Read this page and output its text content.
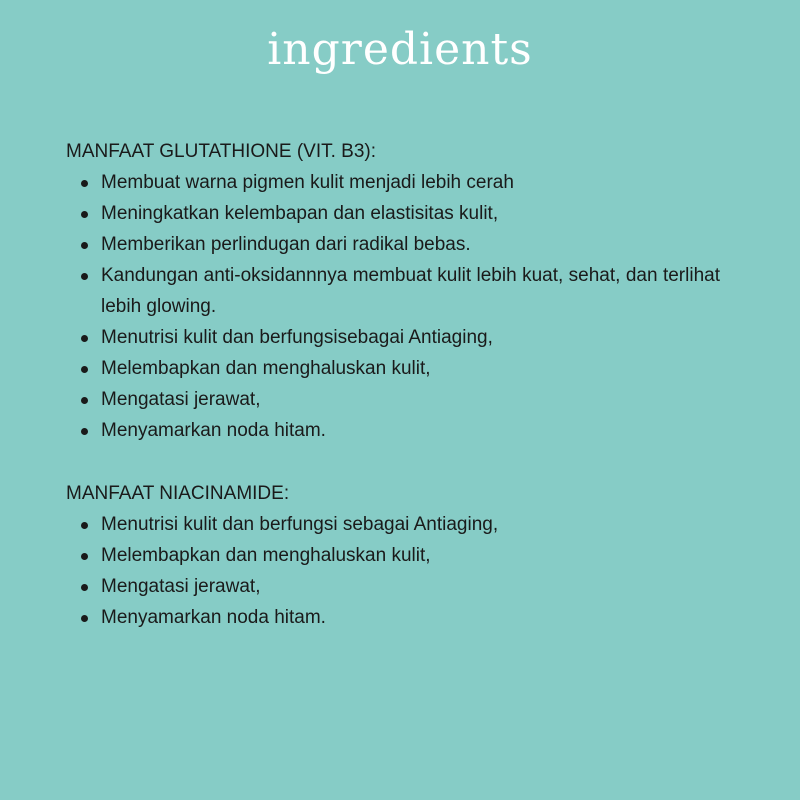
ingredients

MANFAAT GLUTATHIONE (VIT. B3):

Membuat warna pigmen kulit menjadi lebih cerah
Meningkatkan kelembapan dan elastisitas kulit,
Memberikan perlindugan dari radikal bebas.
Kandungan anti-oksidannnya membuat kulit lebih kuat, sehat, dan terlihat lebih glowing.
Menutrisi kulit dan berfungsisebagai Antiaging,
Melembapkan dan menghaluskan kulit,
Mengatasi jerawat,
Menyamarkan noda hitam.

MANFAAT NIACINAMIDE:

Menutrisi kulit dan berfungsi sebagai Antiaging,
Melembapkan dan menghaluskan kulit,
Mengatasi jerawat,
Menyamarkan noda hitam.
